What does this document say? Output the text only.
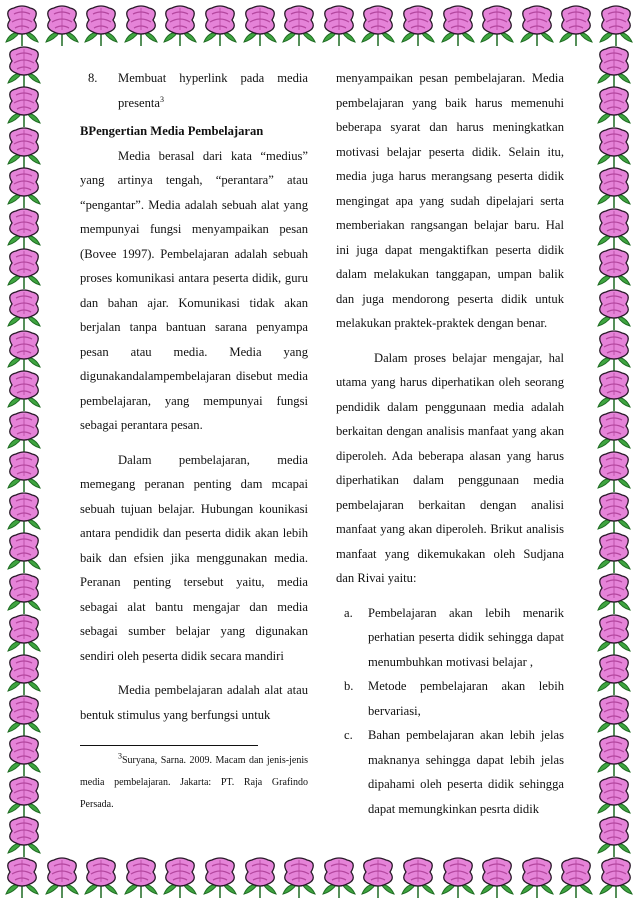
8.	Membuat hyperlink pada media presenta$^3$

BPengertian Media Pembelajaran

Media berasal dari kata “medius” yang artinya tengah, “perantara” atau “pengantar”. Media adalah sebuah alat yang mempunyai fungsi menyampaikan pesan (Bovee 1997). Pembelajaran adalah sebuah proses komunikasi antara peserta didik, guru dan bahan ajar. Komunikasi tidak akan berjalan tanpa bantuan sarana penyampa pesan atau media. Media yang digunakandalampembelajaran disebut media pembelajaran, yang mempunyai fungsi sebagai perantara pesan.

Dalam pembelajaran, media memegang peranan penting dam mcapai sebuah tujuan belajar. Hubungan kounikasi antara pendidik dan peserta didik akan lebih baik dan efsien jika menggunakan media. Peranan penting tersebut yaitu, media sebagai alat bantu mengajar dan media sebagai sumber belajar yang digunakan sendiri oleh peserta didik secara mandiri

Media pembelajaran adalah alat atau bentuk stimulus yang berfungsi untuk

$^3$Suryana, Sarna. 2009. Macam dan jenis-jenis media pembelajaran. Jakarta: PT. Raja Grafindo Persada.

menyampaikan pesan pembelajaran. Media pembelajaran yang baik harus memenuhi beberapa syarat dan harus meningkatkan motivasi belajar peserta didik. Selain itu, media juga harus merangsang peserta didik mengingat apa yang sudah dipelajari serta memberiakan rangsangan belajar baru. Hal ini juga dapat mengaktifkan peserta didik dalam melakukan tanggapan, umpan balik dan juga mendorong peserta didik untuk melakukan praktek-praktek dengan benar.

Dalam proses belajar mengajar, hal utama yang harus diperhatikan oleh seorang pendidik dalam penggunaan media adalah berkaitan dengan analisis manfaat yang akan diperoleh. Ada beberapa alasan yang harus diperhatikan dalam penggunaan media pembelajaran berkaitan dengan analisi manfaat yang akan diperoleh. Brikut analisis manfaat yang dikemukakan oleh Sudjana dan Rivai yaitu:

a.	Pembelajaran akan lebih menarik perhatian peserta didik sehingga dapat menumbuhkan motivasi belajar ,
b.	Metode pembelajaran akan lebih bervariasi,
c.	Bahan pembelajaran akan lebih jelas maknanya sehingga dapat lebih jelas dipahami oleh peserta didik sehingga dapat memungkinkan pesrta didik
